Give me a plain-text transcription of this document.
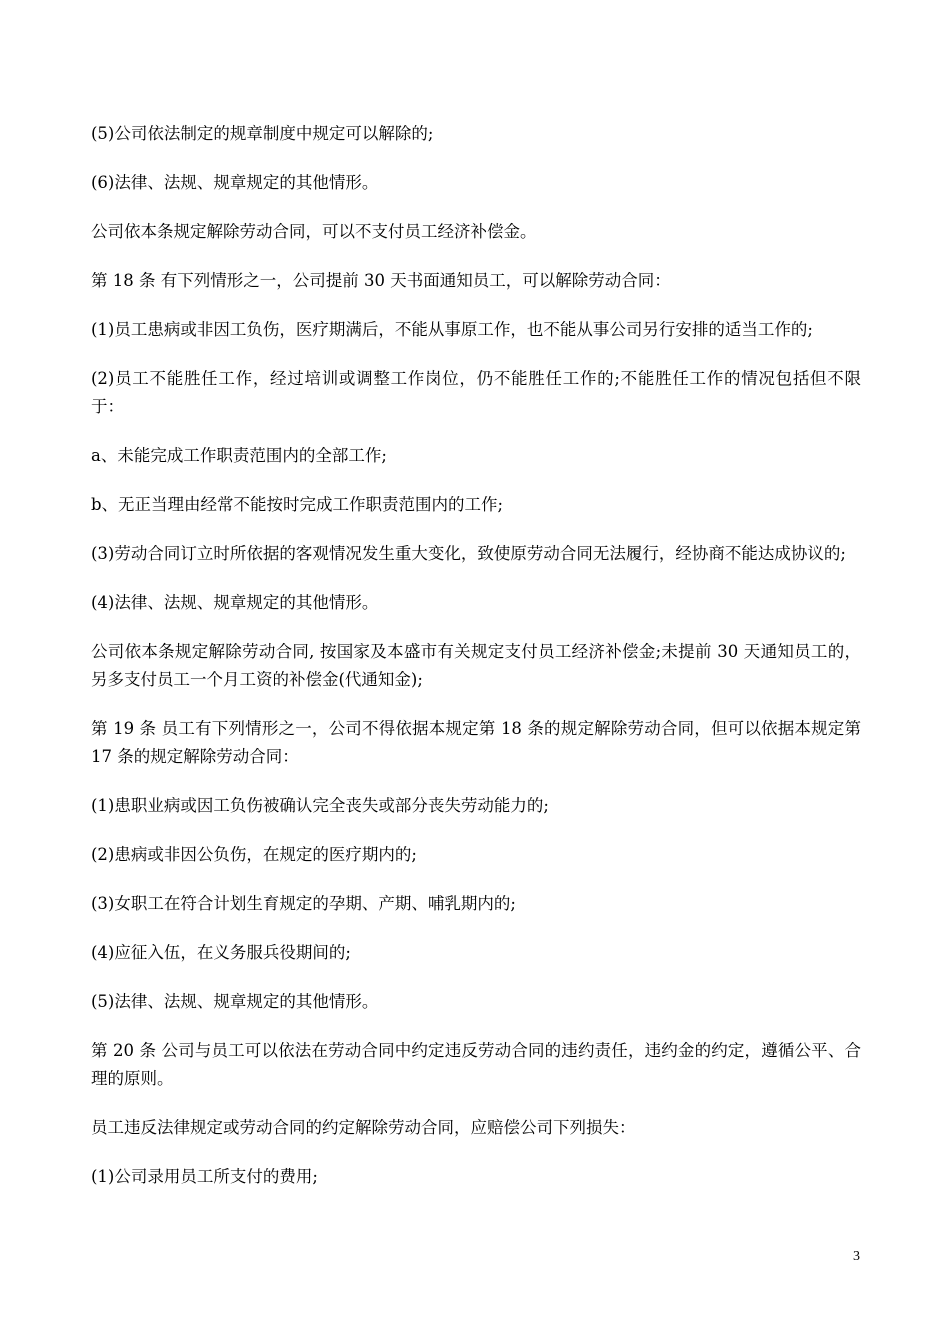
(5)公司依法制定的规章制度中规定可以解除的;

(6)法律、法规、规章规定的其他情形。

公司依本条规定解除劳动合同，可以不支付员工经济补偿金。

第 18 条 有下列情形之一，公司提前 30 天书面通知员工，可以解除劳动合同：

(1)员工患病或非因工负伤，医疗期满后，不能从事原工作，也不能从事公司另行安排的适当工作的;

(2)员工不能胜任工作，经过培训或调整工作岗位，仍不能胜任工作的;不能胜任工作的情况包括但不限于：

a、未能完成工作职责范围内的全部工作;

b、无正当理由经常不能按时完成工作职责范围内的工作;

(3)劳动合同订立时所依据的客观情况发生重大变化，致使原劳动合同无法履行，经协商不能达成协议的;

(4)法律、法规、规章规定的其他情形。

公司依本条规定解除劳动合同, 按国家及本盛市有关规定支付员工经济补偿金;未提前 30 天通知员工的，另多支付员工一个月工资的补偿金(代通知金);

第 19 条 员工有下列情形之一，公司不得依据本规定第 18 条的规定解除劳动合同，但可以依据本规定第 17 条的规定解除劳动合同：

(1)患职业病或因工负伤被确认完全丧失或部分丧失劳动能力的;

(2)患病或非因公负伤，在规定的医疗期内的;

(3)女职工在符合计划生育规定的孕期、产期、哺乳期内的;

(4)应征入伍，在义务服兵役期间的;

(5)法律、法规、规章规定的其他情形。

第 20 条 公司与员工可以依法在劳动合同中约定违反劳动合同的违约责任，违约金的约定，遵循公平、合理的原则。

员工违反法律规定或劳动合同的约定解除劳动合同，应赔偿公司下列损失：

(1)公司录用员工所支付的费用;

3
